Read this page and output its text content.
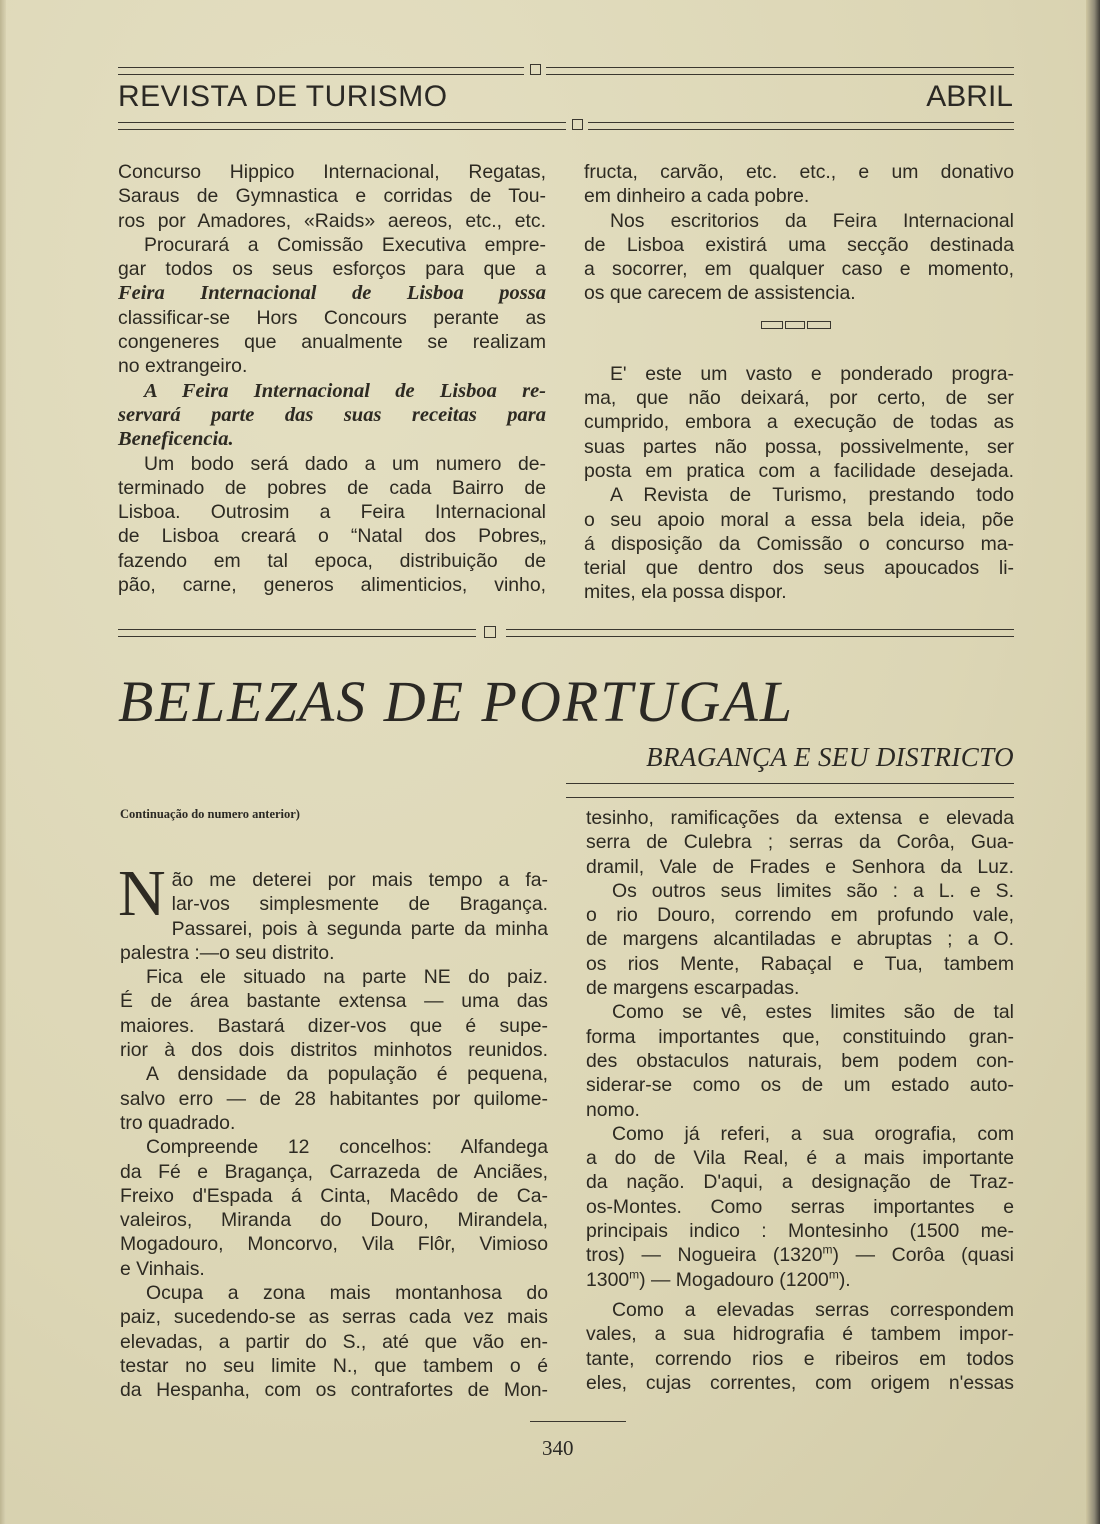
REVISTA DE TURISMO	ABRIL
Concurso Hippico Internacional, Regatas,
Saraus de Gymnastica e corridas de Tou-
ros por Amadores, «Raids» aereos, etc., etc.
Procurará a Comissão Executiva empre-
gar todos os seus esforços para que a
Feira Internacional de Lisboa possa
classificar-se Hors Concours perante as
congeneres que anualmente se realizam
no extrangeiro.
A Feira Internacional de Lisboa re-
servará parte das suas receitas para
Beneficencia.
Um bodo será dado a um numero de-
terminado de pobres de cada Bairro de
Lisboa. Outrosim a Feira Internacional
de Lisboa creará o “Natal dos Pobres„
fazendo em tal epoca, distribuição de
pão, carne, generos alimenticios, vinho,
fructa, carvão, etc. etc., e um donativo
em dinheiro a cada pobre.
Nos escritorios da Feira Internacional
de Lisboa existirá uma secção destinada
a socorrer, em qualquer caso e momento,
os que carecem de assistencia.
E' este um vasto e ponderado progra-
ma, que não deixará, por certo, de ser
cumprido, embora a execução de todas as
suas partes não possa, possivelmente, ser
posta em pratica com a facilidade desejada.
A Revista de Turismo, prestando todo
o seu apoio moral a essa bela ideia, põe
á disposição da Comissão o concurso ma-
terial que dentro dos seus apoucados li-
mites, ela possa dispor.
BELEZAS DE PORTUGAL
BRAGANÇA E SEU DISTRICTO
Continuação do numero anterior)
N ão me deterei por mais tempo a fa-
lar-vos simplesmente de Bragança.
Passarei, pois à segunda parte da minha
palestra :—o seu distrito.
Fica ele situado na parte NE do paiz.
É de área bastante extensa — uma das
maiores. Bastará dizer-vos que é supe-
rior à dos dois distritos minhotos reunidos.
A densidade da população é pequena,
salvo erro — de 28 habitantes por quilome-
tro quadrado.
Compreende 12 concelhos: Alfandega
da Fé e Bragança, Carrazeda de Anciães,
Freixo d'Espada á Cinta, Macêdo de Ca-
valeiros, Miranda do Douro, Mirandela,
Mogadouro, Moncorvo, Vila Flôr, Vimioso
e Vinhais.
Ocupa a zona mais montanhosa do
paiz, sucedendo-se as serras cada vez mais
elevadas, a partir do S., até que vão en-
testar no seu limite N., que tambem o é
da Hespanha, com os contrafortes de Mon-
tesinho, ramificações da extensa e elevada
serra de Culebra ; serras da Corôa, Gua-
dramil, Vale de Frades e Senhora da Luz.
Os outros seus limites são : a L. e S.
o rio Douro, correndo em profundo vale,
de margens alcantiladas e abruptas ; a O.
os rios Mente, Rabaçal e Tua, tambem
de margens escarpadas.
Como se vê, estes limites são de tal
forma importantes que, constituindo gran-
des obstaculos naturais, bem podem con-
siderar-se como os de um estado auto-
nomo.
Como já referi, a sua orografia, com
a do de Vila Real, é a mais importante
da nação. D'aqui, a designação de Traz-
os-Montes. Como serras importantes e
principais indico : Montesinho (1500 me-
tros) — Nogueira (1320$^m$) — Corôa (quasi
1300$^m$) — Mogadouro (1200$^m$).
Como a elevadas serras correspondem
vales, a sua hidrografia é tambem impor-
tante, correndo rios e ribeiros em todos
eles, cujas correntes, com origem n'essas
340
